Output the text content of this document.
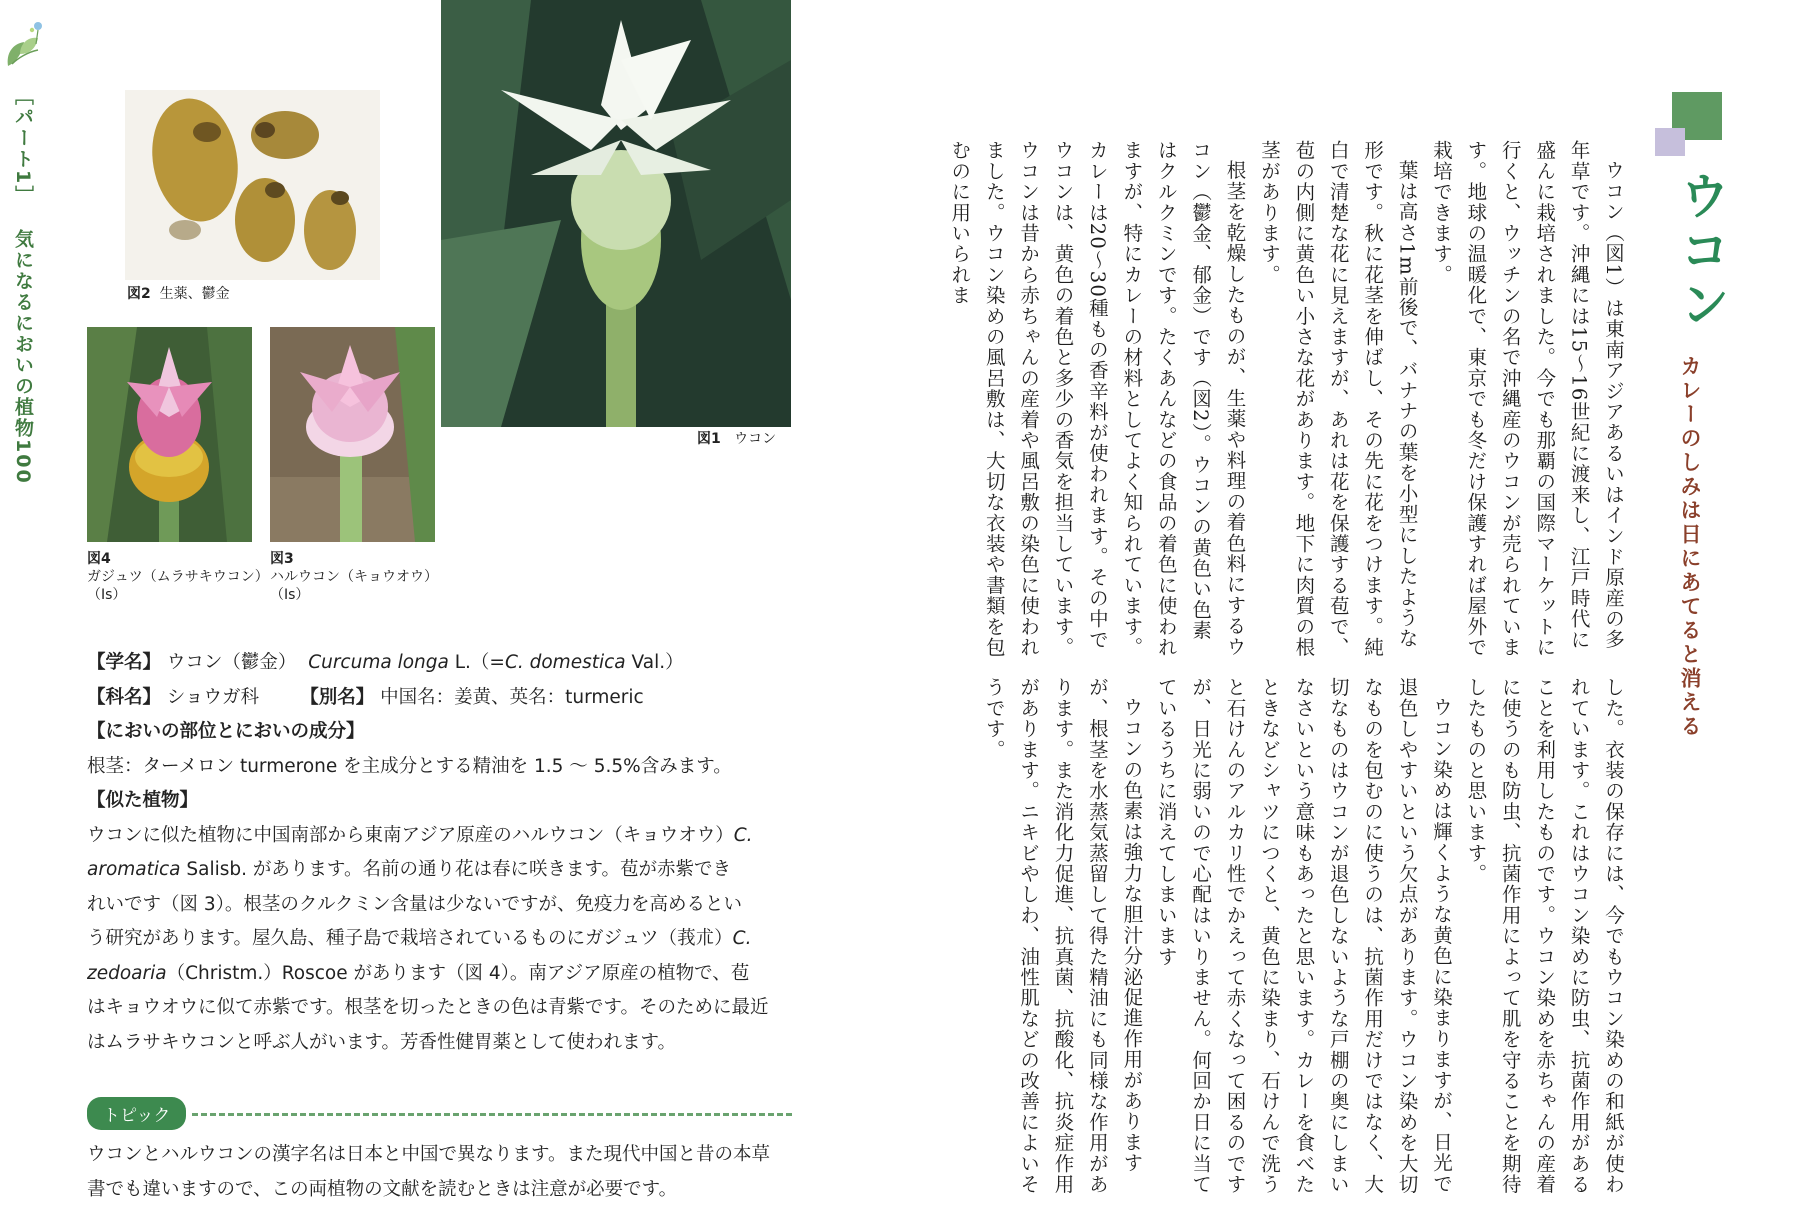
［パート1］ 気になるにおいの植物100	図2 生薬、鬱金
図1 ウコン
図4
ガジュツ（ムラサキウコン）
（Is）
図3
ハルウコン（キョウオウ）
（Is）

【学名】 ウコン（鬱金） Curcuma longa L.（=C. domestica Val.）

【科名】 ショウガ科 【別名】 中国名：姜黄、英名：turmeric

【においの部位とにおいの成分】

根茎：ターメロン turmerone を主成分とする精油を 1.5 〜 5.5%含みます。

【似た植物】

ウコンに似た植物に中国南部から東南アジア原産のハルウコン（キョウオウ）C.

aromatica Salisb. があります。名前の通り花は春に咲きます。苞が赤紫でき

れいです（図 3）。根茎のクルクミン含量は少ないですが、免疫力を高めるとい

う研究があります。屋久島、種子島で栽培されているものにガジュツ（莪朮）C.

zedoaria（Christm.）Roscoe があります（図 4）。南アジア原産の植物で、苞

はキョウオウに似て赤紫です。根茎を切ったときの色は青紫です。そのために最近

はムラサキウコンと呼ぶ人がいます。芳香性健胃薬として使われます。

トピック
ウコンとハルウコンの漢字名は日本と中国で異なります。また現代中国と昔の本草
書でも違いますので、この両植物の文献を読むときは注意が必要です。
ウコン
カレーのしみは日にあてると消える

ウコン（図1）は東南アジアあるいはインド原産の多年草です。沖縄には15〜16世紀に渡来し、江戸時代に盛んに栽培されました。今でも那覇の国際マーケットに行くと、ウッチンの名で沖縄産のウコンが売られています。地球の温暖化で、東京でも冬だけ保護すれば屋外で栽培できます。

葉は高さ1m前後で、バナナの葉を小型にしたような形です。秋に花茎を伸ばし、その先に花をつけます。純白で清楚な花に見えますが、あれは花を保護する苞で、苞の内側に黄色い小さな花があります。地下に肉質の根茎があります。

根茎を乾燥したものが、生薬や料理の着色料にするウコン（鬱金、郁金）です（図2）。ウコンの黄色い色素はクルクミンです。たくあんなどの食品の着色に使われますが、特にカレーの材料としてよく知られています。カレーは20〜30種もの香辛料が使われます。その中でウコンは、黄色の着色と多少の香気を担当しています。ウコンは昔から赤ちゃんの産着や風呂敷の染色に使われました。ウコン染めの風呂敷は、大切な衣装や書類を包むのに用いられま

した。衣装の保存には、今でもウコン染めの和紙が使われています。これはウコン染めに防虫、抗菌作用があることを利用したものです。ウコン染めを赤ちゃんの産着に使うのも防虫、抗菌作用によって肌を守ることを期待したものと思います。

ウコン染めは輝くような黄色に染まりますが、日光で退色しやすいという欠点があります。ウコン染めを大切なものを包むのに使うのは、抗菌作用だけではなく、大切なものはウコンが退色しないような戸棚の奥にしまいなさいという意味もあったと思います。カレーを食べたときなどシャツにつくと、黄色に染まり、石けんで洗うと石けんのアルカリ性でかえって赤くなって困るのですが、日光に弱いので心配はいりません。何回か日に当てているうちに消えてしまいます

ウコンの色素は強力な胆汁分泌促進作用がありますが、根茎を水蒸気蒸留して得た精油にも同様な作用があります。また消化力促進、抗真菌、抗酸化、抗炎症作用があります。ニキビやしわ、油性肌などの改善によいそうです。
